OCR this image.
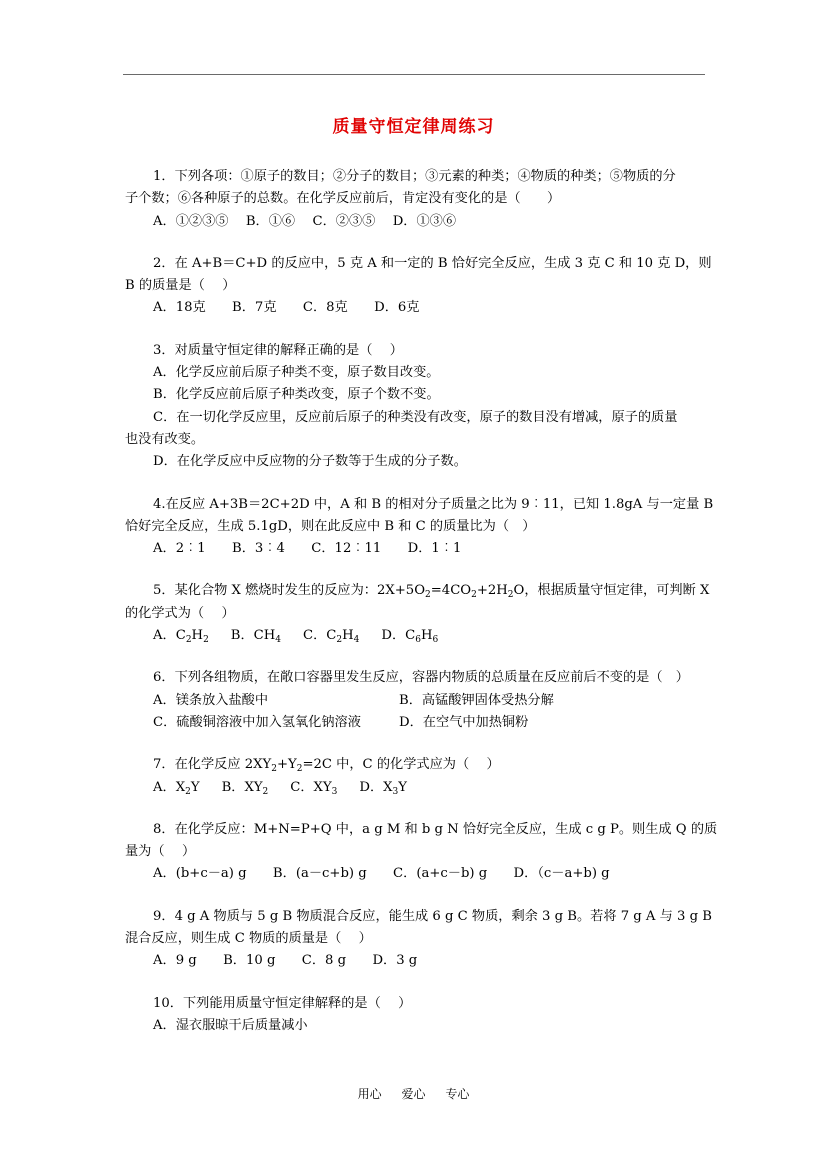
质量守恒定律周练习
1．下列各项：①原子的数目；②分子的数目；③元素的种类；④物质的种类；⑤物质的分
子个数；⑥各种原子的总数。在化学反应前后，肯定没有变化的是（　　）
A．①②③⑤　 B．①⑥　 C．②③⑤　 D．①③⑥
2．在 A+B＝C+D 的反应中，5 克 A 和一定的 B 恰好完全反应，生成 3 克 C 和 10 克 D，则
B 的质量是（　 ）
A．18克　　B．7克　　C．8克　　D．6克
3．对质量守恒定律的解释正确的是（　 ）
A．化学反应前后原子种类不变，原子数目改变。
B．化学反应前后原子种类改变，原子个数不变。
C．在一切化学反应里，反应前后原子的种类没有改变，原子的数目没有增减，原子的质量
也没有改变。
D．在化学反应中反应物的分子数等于生成的分子数。
4.在反应 A+3B＝2C+2D 中，A 和 B 的相对分子质量之比为 9︰11，已知 1.8gA 与一定量 B
恰好完全反应，生成 5.1gD，则在此反应中 B 和 C 的质量比为（　）
A．2︰1　　B．3︰4　　C．12︰11　　D．1︰1
5．某化合物 X 燃烧时发生的反应为：$2X+5O_2=4CO_2+2H_2O$，根据质量守恒定律，可判断 X
的化学式为（　 ）
A．$C_2H_2$ B．$CH_4$ C．$C_2H_4$ D．$C_6H_6$
6．下列各组物质，在敞口容器里发生反应，容器内物质的总质量在反应前后不变的是（　）
A．镁条放入盐酸中	B．高锰酸钾固体受热分解
C．硫酸铜溶液中加入氢氧化钠溶液	D．在空气中加热铜粉
7．在化学反应 $2XY_2+Y_2=2C$ 中，C 的化学式应为（　 ）
A．$X_2Y$ B．$XY_2$ C．$XY_3$ D．$X_3Y$
8．在化学反应：M+N=P+Q 中，a g M 和 b g N 恰好完全反应，生成 c g P。则生成 Q 的质
量为（　 ）
A．(b+c－a) g　　B．(a－c+b) g　　C．(a+c－b) g　　D．（c－a+b) g
9．4 g A 物质与 5 g B 物质混合反应，能生成 6 g C 物质，剩余 3 g B。若将 7 g A 与 3 g B
混合反应，则生成 C 物质的质量是（　 ）
A．9 g　　B．10 g　　C．8 g　　D．3 g
10．下列能用质量守恒定律解释的是（　 ）
A．湿衣服晾干后质量减小
用心 爱心 专心
